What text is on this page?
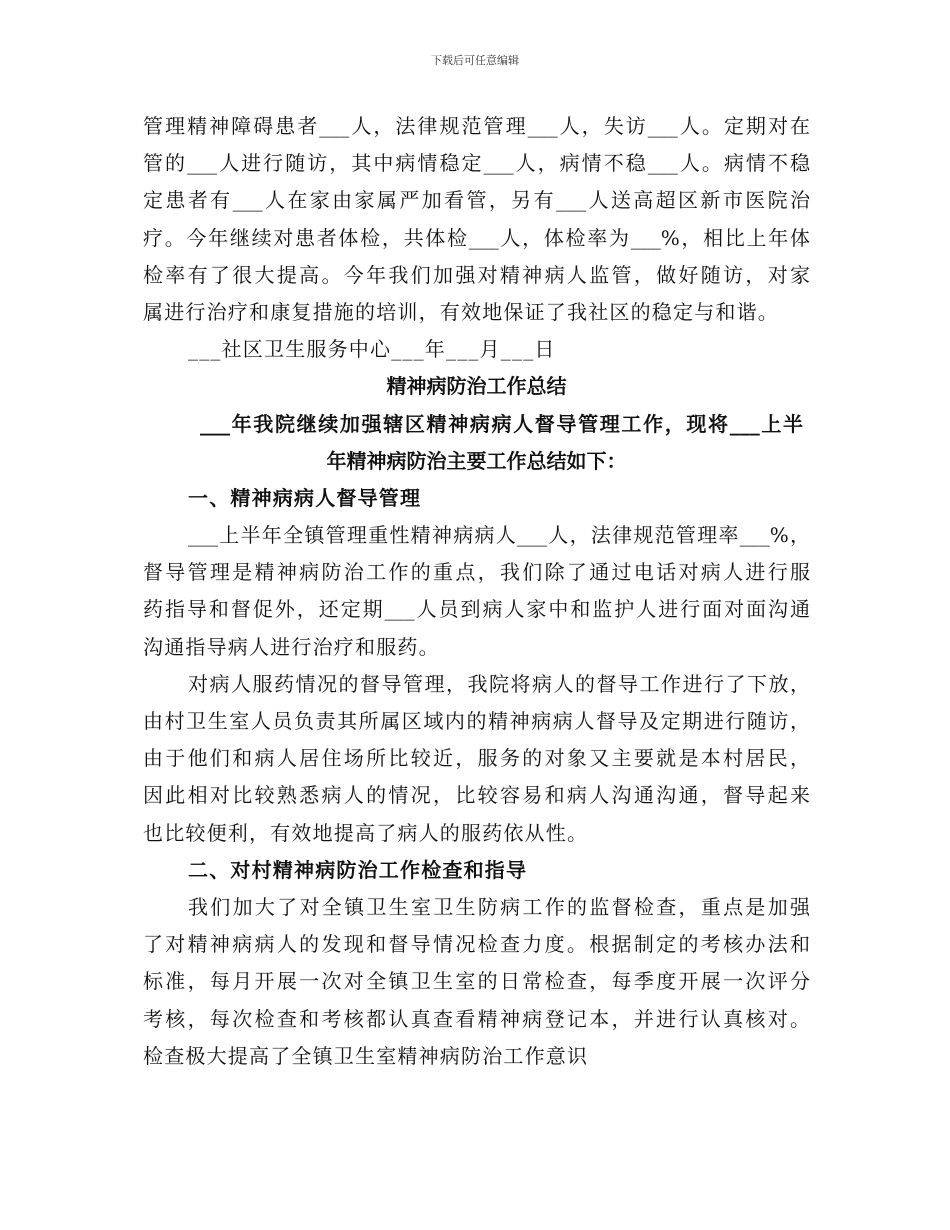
下载后可任意编辑
管理精神障碍患者___人，法律规范管理___人，失访___人。定期对在
管的___人进行随访，其中病情稳定___人，病情不稳___人。病情不稳
定患者有___人在家由家属严加看管，另有___人送高超区新市医院治
疗。今年继续对患者体检，共体检___人，体检率为___%，相比上年体
检率有了很大提高。今年我们加强对精神病人监管，做好随访，对家
属进行治疗和康复措施的培训，有效地保证了我社区的稳定与和谐。
___社区卫生服务中心___年___月___日
精神病防治工作总结
___年我院继续加强辖区精神病病人督导管理工作，现将___上半
年精神病防治主要工作总结如下：
一、精神病病人督导管理
___上半年全镇管理重性精神病病人___人，法律规范管理率___%，
督导管理是精神病防治工作的重点，我们除了通过电话对病人进行服
药指导和督促外，还定期___人员到病人家中和监护人进行面对面沟通
沟通指导病人进行治疗和服药。
对病人服药情况的督导管理，我院将病人的督导工作进行了下放，
由村卫生室人员负责其所属区域内的精神病病人督导及定期进行随访，
由于他们和病人居住场所比较近，服务的对象又主要就是本村居民，
因此相对比较熟悉病人的情况，比较容易和病人沟通沟通，督导起来
也比较便利，有效地提高了病人的服药依从性。
二、对村精神病防治工作检查和指导
我们加大了对全镇卫生室卫生防病工作的监督检查，重点是加强
了对精神病病人的发现和督导情况检查力度。根据制定的考核办法和
标准，每月开展一次对全镇卫生室的日常检查，每季度开展一次评分
考核，每次检查和考核都认真查看精神病登记本，并进行认真核对。
检查极大提高了全镇卫生室精神病防治工作意识
